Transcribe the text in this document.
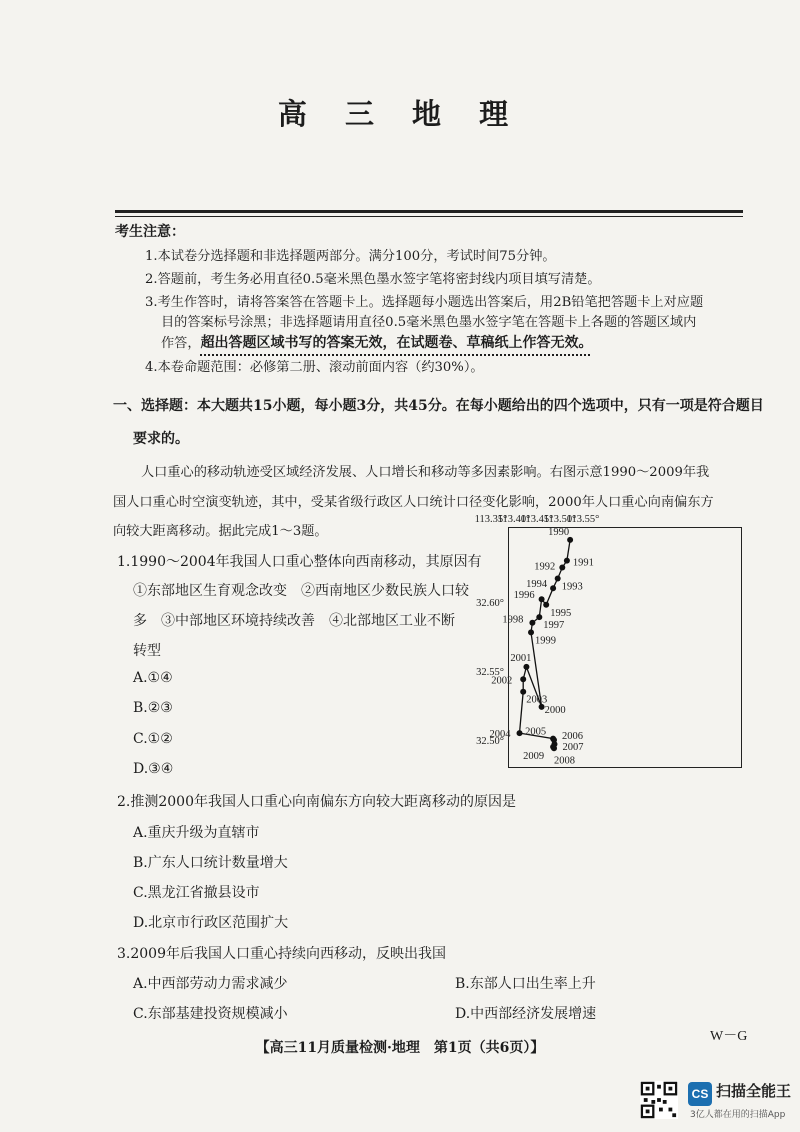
高 三 地 理
考生注意：
1.本试卷分选择题和非选择题两部分。满分100分，考试时间75分钟。
2.答题前，考生务必用直径0.5毫米黑色墨水签字笔将密封线内项目填写清楚。
3.考生作答时，请将答案答在答题卡上。选择题每小题选出答案后，用2B铅笔把答题卡上对应题
目的答案标号涂黑；非选择题请用直径0.5毫米黑色墨水签字笔在答题卡上各题的答题区域内
作答，超出答题区域书写的答案无效，在试题卷、草稿纸上作答无效。
4.本卷命题范围：必修第二册、滚动前面内容（约30%）。
一、选择题：本大题共15小题，每小题3分，共45分。在每小题给出的四个选项中，只有一项是符合题目
要求的。
人口重心的移动轨迹受区域经济发展、人口增长和移动等多因素影响。右图示意1990～2009年我
国人口重心时空演变轨迹，其中，受某省级行政区人口统计口径变化影响，2000年人口重心向南偏东方
向较大距离移动。据此完成1～3题。
1.1990～2004年我国人口重心整体向西南移动，其原因有
①东部地区生育观念改变　②西南地区少数民族人口较
多　③中部地区环境持续改善　④北部地区工业不断
转型
A.①④
B.②③
C.①②
D.③④
2.推测2000年我国人口重心向南偏东方向较大距离移动的原因是
A.重庆升级为直辖市
B.广东人口统计数量增大
C.黑龙江省撤县设市
D.北京市行政区范围扩大
3.2009年后我国人口重心持续向西移动，反映出我国
A.中西部劳动力需求减少	B.东部人口出生率上升
C.东部基建投资规模减小	D.中西部经济发展增速
113.35°
113.40°
113.45°
113.50°
113.55°
32.60°
32.55°
32.50°
1990
1991
1992
1993
1994
1995
1996
1997
1998
1999
2000
2001
2002
2003
2004 2005 2006
2007
2008
2009
W－G
【高三11月质量检测·地理　第1页（共6页）】
CS 扫描全能王
3亿人都在用的扫描App
